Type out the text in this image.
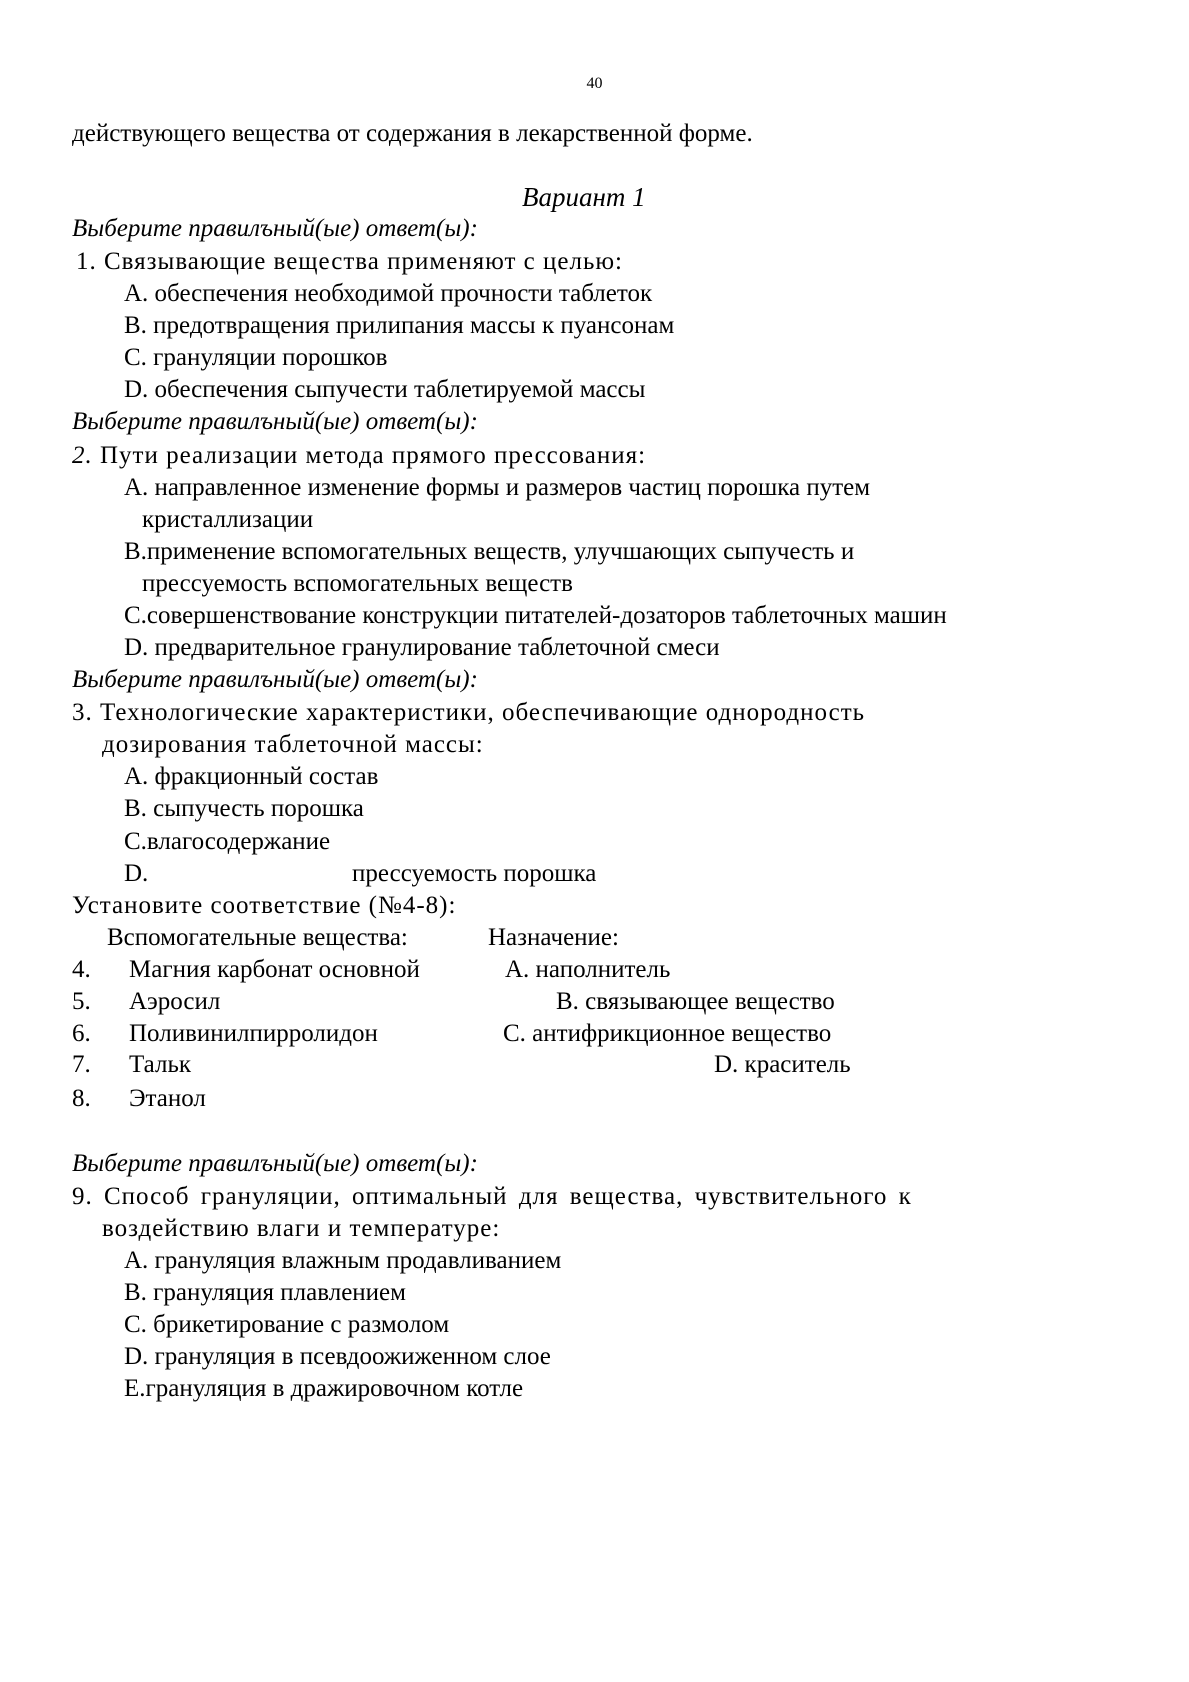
40
действующего вещества от содержания в лекарственной форме.
Вариант 1
Выберите правилъный(ые) ответ(ы):
1. Связывающие вещества применяют с целью:
A. обеспечения необходимой прочности таблеток
B. предотвращения прилипания массы к пуансонам
C. грануляции порошков
D. обеспечения сыпучести таблетируемой массы
Выберите правилъный(ые) ответ(ы):
2. Пути реализации метода прямого прессования:
A. направленное изменение формы и размеров частиц порошка путем
кристаллизации
B.применение вспомогательных веществ, улучшающих сыпучесть и
прессуемость вспомогательных веществ
C.совершенствование конструкции питателей-дозаторов таблеточных машин
D. предварительное гранулирование таблеточной смеси
Выберите правилъный(ые) ответ(ы):
3. Технологические характеристики, обеспечивающие однородность
дозирования таблеточной массы:
A. фракционный состав
B. сыпучесть порошка
C.влагосодержание
D.	прессуемость порошка
Установите соответствие (№4-8):
Вспомогательные вещества:	Назначение:
4. Магния карбонат основной	A. наполнитель
5. Аэросил	B. связывающее вещество
6. Поливинилпирролидон	C. антифрикционное вещество
7. Тальк	D. краситель
8. Этанол
Выберите правилъный(ые) ответ(ы):
9. Способ грануляции, оптимальный для вещества, чувствительного к
воздействию влаги и температуре:
A. грануляция влажным продавливанием
B. грануляция плавлением
C. брикетирование с размолом
D. грануляция в псевдоожиженном слое
E.грануляция в дражировочном котле
